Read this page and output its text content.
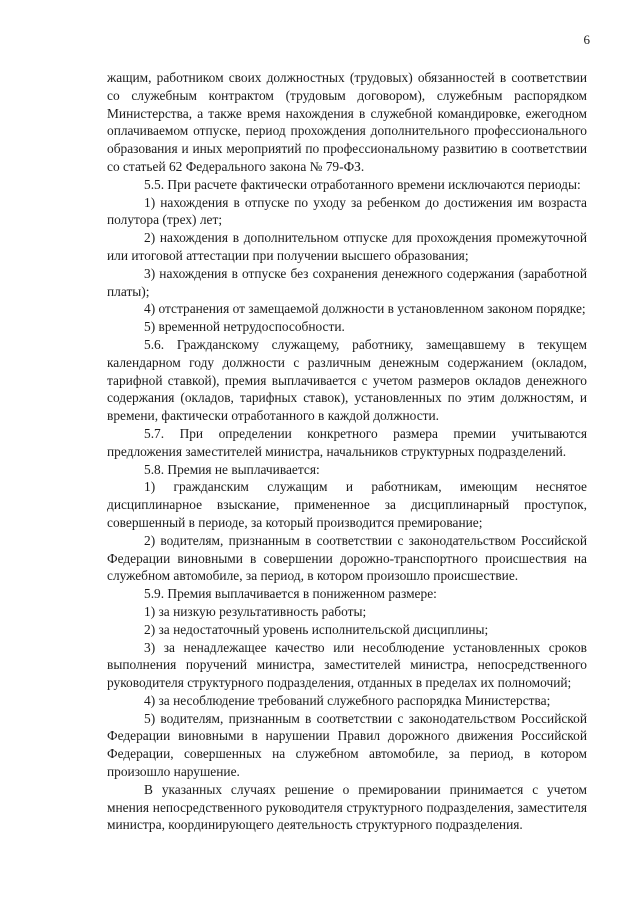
6

жащим, работником своих должностных (трудовых) обязанностей в соответствии со служебным контрактом (трудовым договором), служебным распорядком Министерства, а также время нахождения в служебной командировке, ежегодном оплачиваемом отпуске, период прохождения дополнительного профессионального образования и иных мероприятий по профессиональному развитию в соответствии со статьей 62 Федерального закона № 79-ФЗ.

5.5. При расчете фактически отработанного времени исключаются периоды:

1) нахождения в отпуске по уходу за ребенком до достижения им возраста полутора (трех) лет;

2) нахождения в дополнительном отпуске для прохождения промежуточной или итоговой аттестации при получении высшего образования;

3) нахождения в отпуске без сохранения денежного содержания (заработной платы);

4) отстранения от замещаемой должности в установленном законом порядке;

5) временной нетрудоспособности.

5.6. Гражданскому служащему, работнику, замещавшему в текущем календарном году должности с различным денежным содержанием (окладом, тарифной ставкой), премия выплачивается с учетом размеров окладов денежного содержания (окладов, тарифных ставок), установленных по этим должностям, и времени, фактически отработанного в каждой должности.

5.7. При определении конкретного размера премии учитываются предложения заместителей министра, начальников структурных подразделений.

5.8. Премия не выплачивается:

1) гражданским служащим и работникам, имеющим неснятое дисциплинарное взыскание, примененное за дисциплинарный проступок, совершенный в периоде, за который производится премирование;

2) водителям, признанным в соответствии с законодательством Российской Федерации виновными в совершении дорожно-транспортного происшествия на служебном автомобиле, за период, в котором произошло происшествие.

5.9. Премия выплачивается в пониженном размере:

1) за низкую результативность работы;

2) за недостаточный уровень исполнительской дисциплины;

3) за ненадлежащее качество или несоблюдение установленных сроков выполнения поручений министра, заместителей министра, непосредственного руководителя структурного подразделения, отданных в пределах их полномочий;

4) за несоблюдение требований служебного распорядка Министерства;

5) водителям, признанным в соответствии с законодательством Российской Федерации виновными в нарушении Правил дорожного движения Российской Федерации, совершенных на служебном автомобиле, за период, в котором произошло нарушение.

В указанных случаях решение о премировании принимается с учетом мнения непосредственного руководителя структурного подразделения, заместителя министра, координирующего деятельность структурного подразделения.
